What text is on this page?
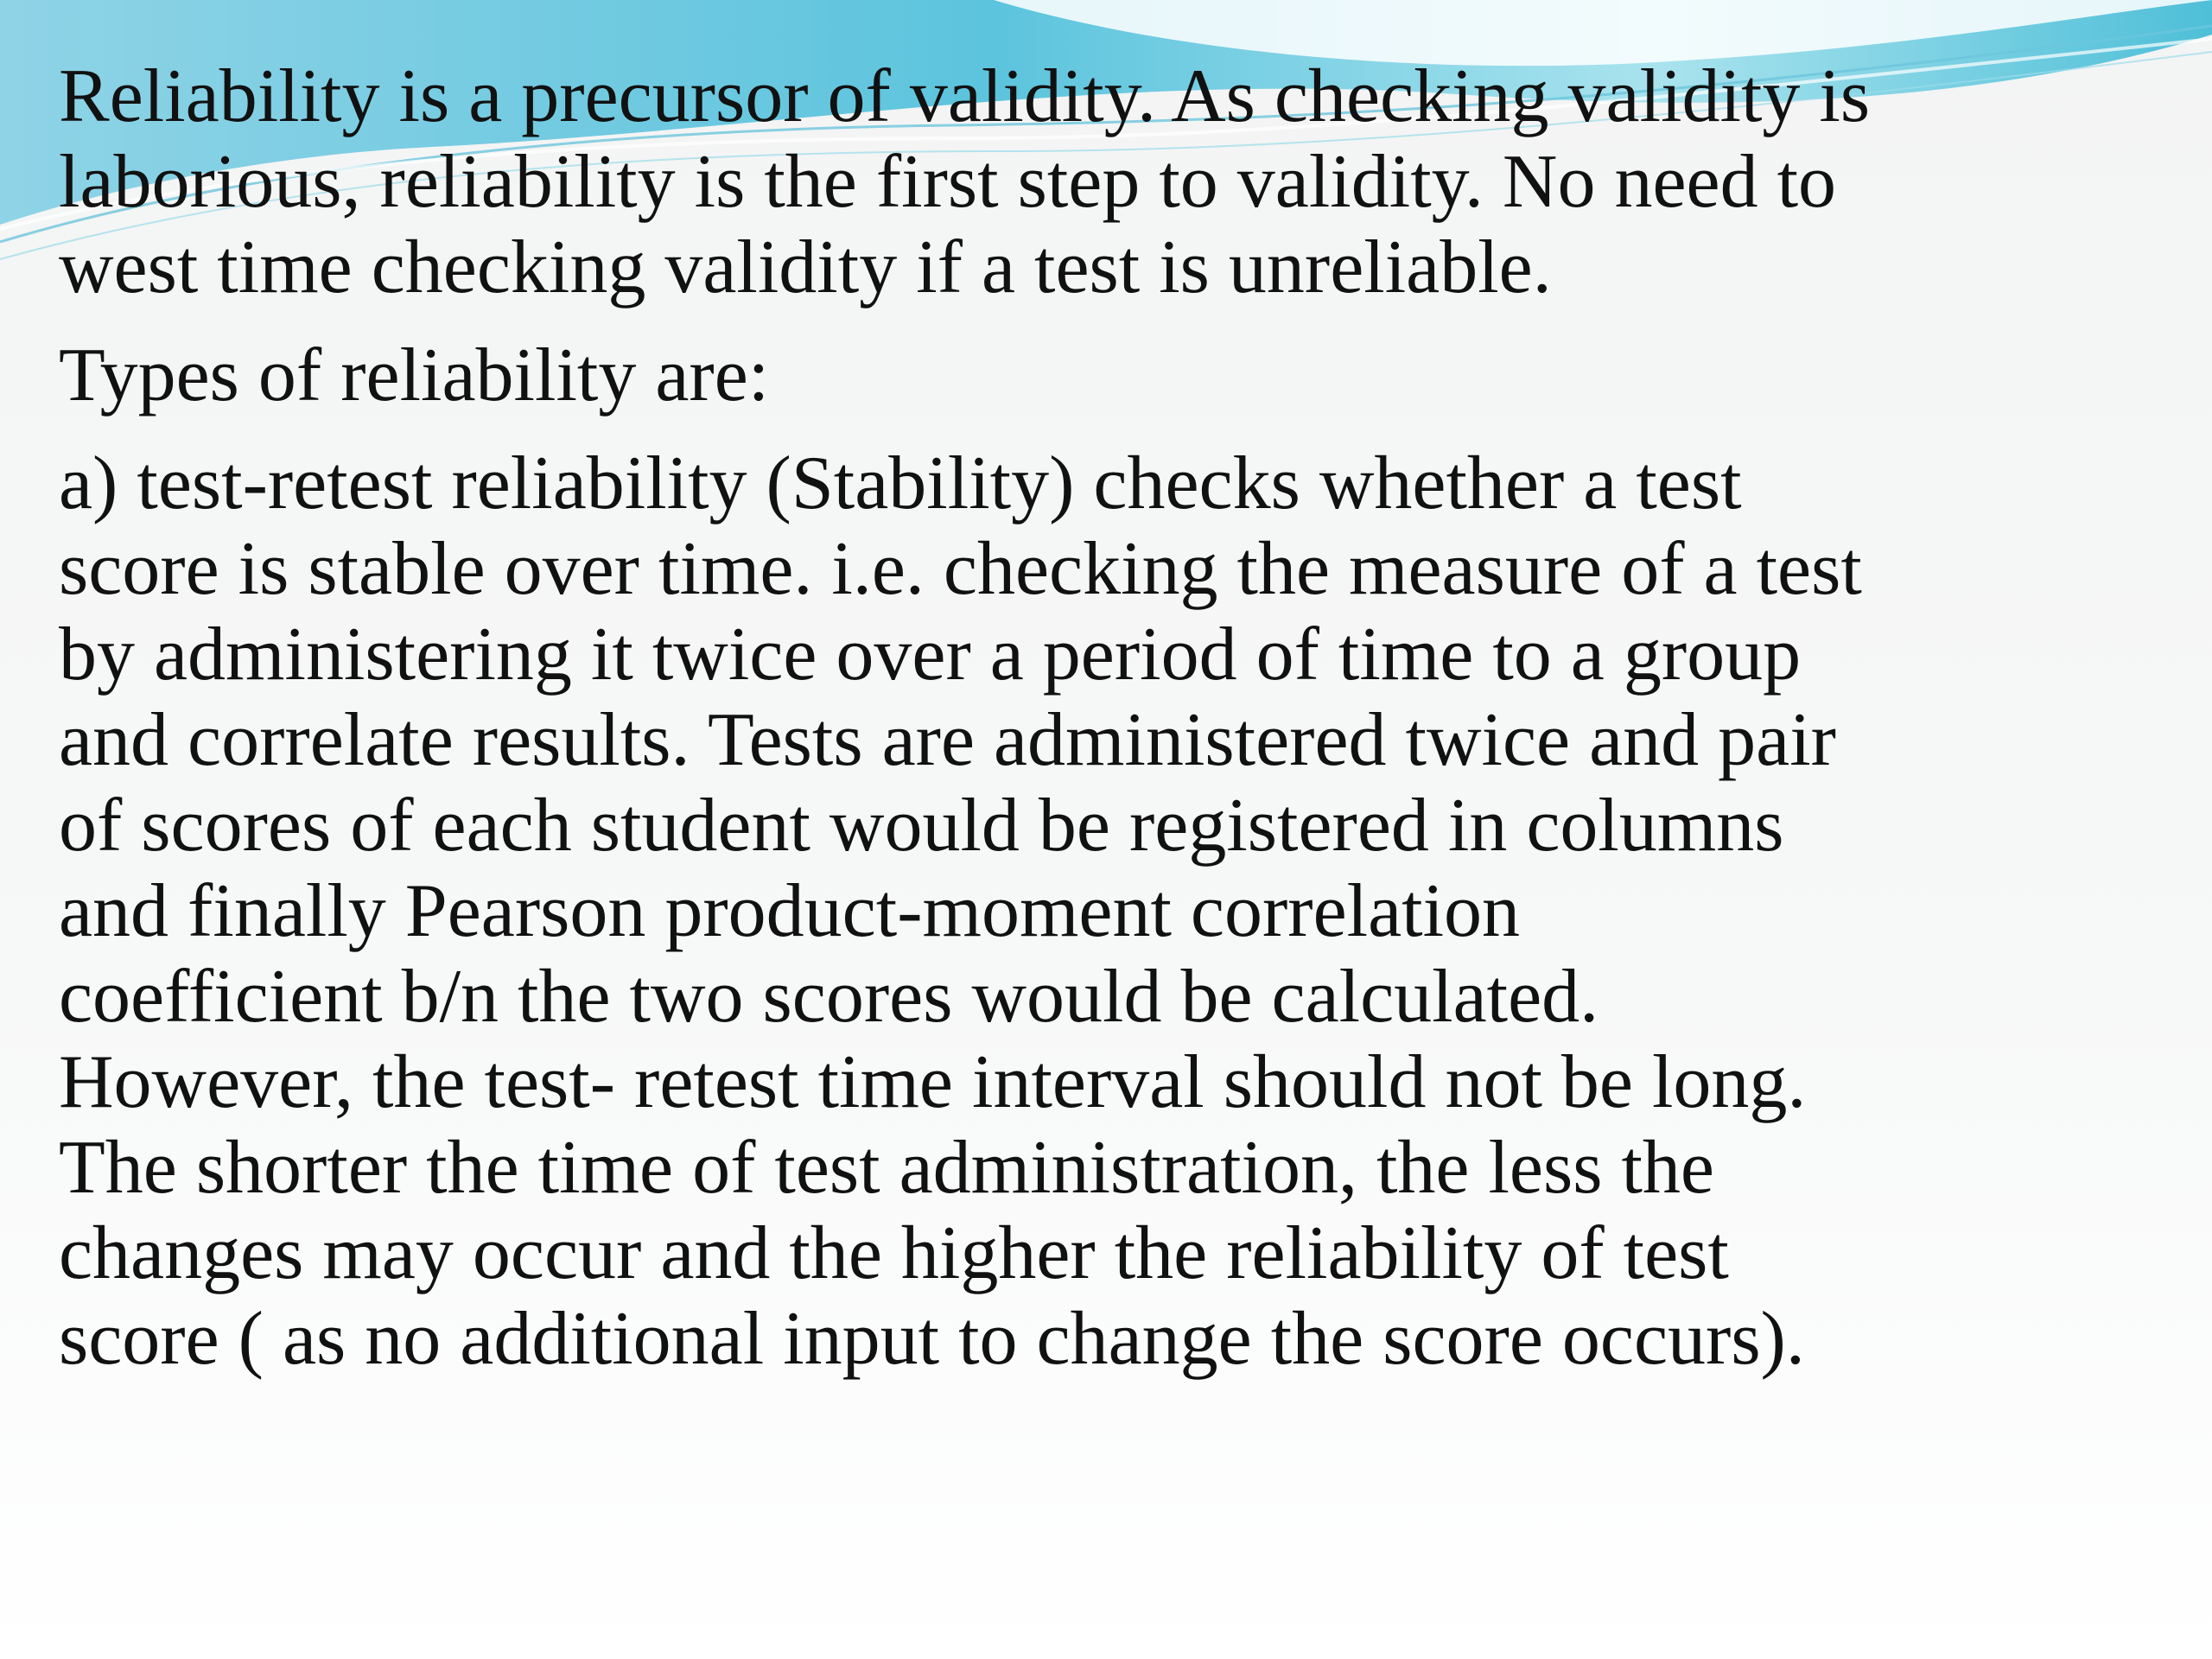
Reliability is a precursor of validity. As checking validity is
laborious, reliability is the first step to validity. No need to
west time checking validity if a test is unreliable.

Types of reliability are:

a) test-retest reliability (Stability) checks whether a test
score is stable over time. i.e. checking the measure of a test
by administering it twice over a period of time to a group
and correlate results. Tests are administered twice and pair
of scores of each student would be registered in columns
and finally Pearson product-moment correlation
coefficient b/n the two scores would be calculated.
However, the test- retest time interval should not be long.
The shorter the time of test administration, the less the
changes may occur and the higher the reliability of test
score ( as no additional input to change the score occurs).
